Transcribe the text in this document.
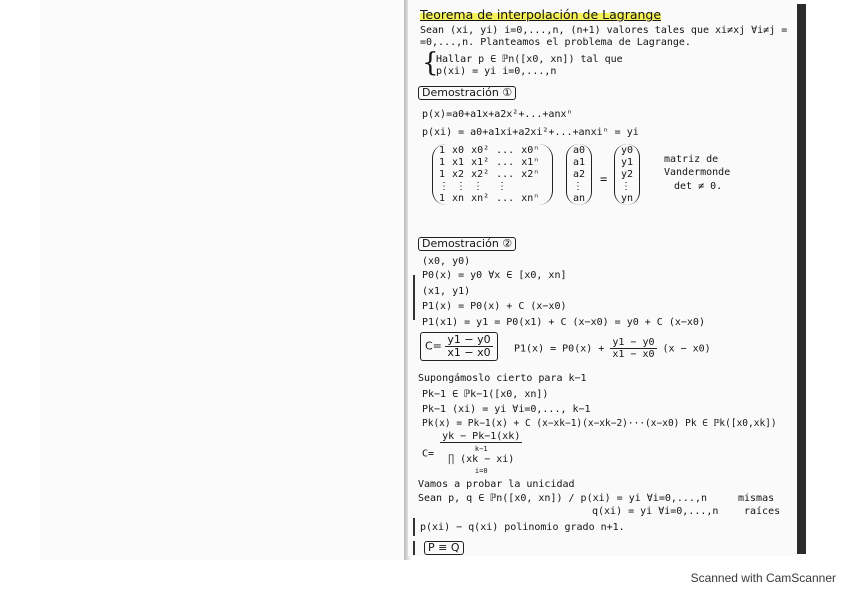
Teorema de interpolación de Lagrange
Sean (xi, yi) i=0,...,n, (n+1) valores tales que xi≠xj ∀i≠j =
=0,...,n. Planteamos el problema de Lagrange.
{
Hallar p ∈ ℙn([x0, xn]) tal que
p(xi) = yi i=0,...,n
Demostración ①
p(x)=a0+a1x+a2x²+...+anxⁿ
p(xi) = a0+a1xi+a2xi²+...+anxiⁿ = yi
1 x0 x0² ... x0ⁿ
1 x1 x1² ... x1ⁿ
1 x2 x2² ... x2ⁿ
⋮ ⋮ ⋮ ⋮
1 xn xn² ... xnⁿ
a0
a1
a2
⋮
an
=
y0
y1
y2
⋮
yn
matriz de
Vandermonde
det ≠ 0.
Demostración ②
(x0, y0)
P0(x) = y0 ∀x ∈ [x0, xn]
(x1, y1)
P1(x) = P0(x) + C (x−x0)
P1(x1) = y1 = P0(x1) + C (x−x0) = y0 + C (x−x0)
$C= \frac{y1 - y0}{x1 - x0} P1(x) = P0(x) + \frac{y1 - y0}{x1 - x0} (x - x0)$
Supongámoslo cierto para k−1
Pk−1 ∈ ℙk−1([x0, xn])
Pk−1 (xi) = yi ∀i=0,..., k−1
Pk(x) = Pk−1(x) + C (x−xk−1)(x−xk−2)···(x−x0) Pk ∈ ℙk([x0,xk])
C=
yk − Pk−1(xk)
k−1
∏ (xk − xi)
i=0
Vamos a probar la unicidad
Sean p, q ∈ ℙn([x0, xn]) / p(xi) = yi ∀i=0,...,n
q(xi) = yi ∀i=0,...,n
p(xi) − q(xi) polinomio grado n+1.
mismas
raíces
P ≡ Q
Scanned with CamScanner
